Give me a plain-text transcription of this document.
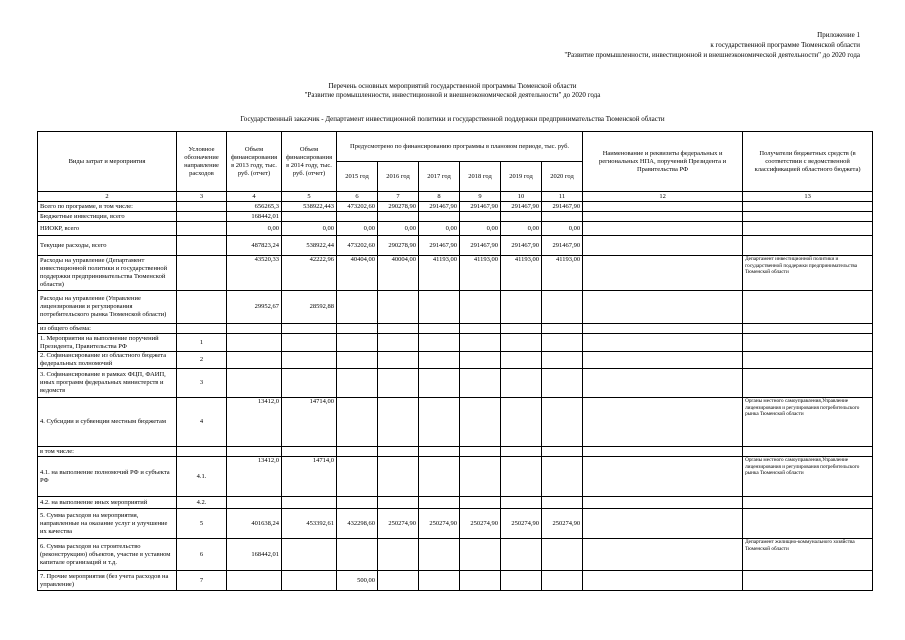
Приложение 1
к государственной программе Тюменской области
"Развитие промышленности, инвестиционной и внешнеэкономической деятельности" до 2020 года
Перечень основных мероприятий государственной программы Тюменской области
"Развитие промышленности, инвестиционной и внешнеэкономической деятельности" до 2020 года
Государственный заказчик - Департамент инвестиционной политики и государственной поддержки предпринимательства Тюменской области
Виды затрат и мероприятия	Условное обозначение направление расходов	Объем финансирования в 2013 году, тыс. руб. (отчет)	Объем финансирования в 2014 году, тыс. руб. (отчет)	Предусмотрено по финансированию программы в плановом периоде, тыс. руб.						Наименование и реквизиты федеральных и региональных НПА, поручений Президента и Правительства РФ	Получатели бюджетных средств (в соответствии с ведомственной классификацией областного бюджета)
				2015 год	2016 год	2017 год	2018 год	2019 год	2020 год		
2	3	4	5	6	7	8	9	10	11	12	13
Всего по программе, в том числе:		656265,3	538922,443	473202,60	290278,90	291467,90	291467,90	291467,90	291467,90		
Бюджетные инвестиции, всего		168442,01									
НИОКР, всего		0,00	0,00	0,00	0,00	0,00	0,00	0,00	0,00		
Текущие расходы, всего		487823,24	538922,44	473202,60	290278,90	291467,90	291467,90	291467,90	291467,90		
Расходы на управление (Департамент инвестиционной политики и государственной поддержки предпринимательства Тюменской области)		43520,33	42222,96	40404,00	40004,00	41193,00	41193,00	41193,00	41193,00		Департамент инвестиционной политики и государственной поддержки предпринимательства Тюменской области
Расходы на управление (Управление лицензирования и регулирования потребительского рынка Тюменской области)		29952,67	28592,88								
из общего объема:											
1. Мероприятия на выполнение поручений Президента, Правительства РФ	1										
2. Софинансирование из областного бюджета федеральных полномочий	2										
3. Софинансирование в рамках ФЦП, ФАИП, иных программ федеральных министерств и ведомств	3										
4. Субсидии и субвенции местным бюджетам	4	13412,0	14714,00								Органы местного самоуправления,Управление лицензирования и регулирования потребительского рынка Тюменской области
в том числе:											
4.1. на выполнение полномочий РФ и субъекта РФ	4.1.	13412,0	14714,0								Органы местного самоуправления,Управление лицензирования и регулирования потребительского рынка Тюменской области
4.2. на выполнение иных мероприятий	4.2.										
5. Сумма расходов на мероприятия, направленные на оказание услуг и улучшение их качества	5	401638,24	453392,61	432298,60	250274,90	250274,90	250274,90	250274,90	250274,90		
6. Сумма расходов на строительство (реконструкцию) объектов, участие в уставном капитале организаций и т.д.	6	168442,01									Департамент жилищно-коммунального хозяйства Тюменской области
7. Прочие мероприятия (без учета расходов на управление)	7			500,00							
